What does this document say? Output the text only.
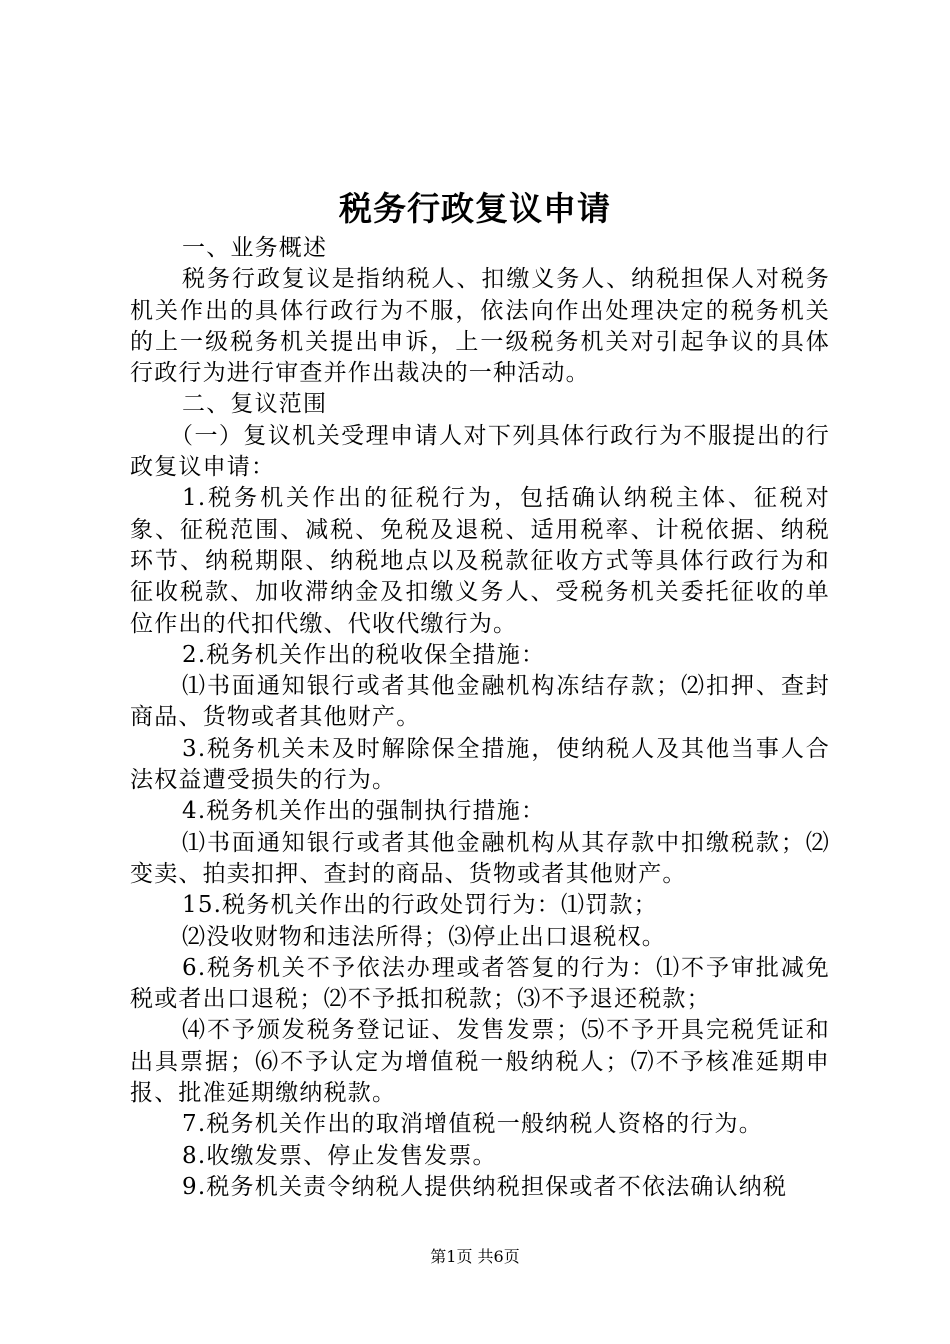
税务行政复议申请

一、业务概述

税务行政复议是指纳税人、扣缴义务人、纳税担保人对税务机关作出的具体行政行为不服，依法向作出处理决定的税务机关的上一级税务机关提出申诉，上一级税务机关对引起争议的具体行政行为进行审查并作出裁决的一种活动。

二、复议范围

（一）复议机关受理申请人对下列具体行政行为不服提出的行政复议申请：

1.税务机关作出的征税行为，包括确认纳税主体、征税对象、征税范围、减税、免税及退税、适用税率、计税依据、纳税环节、纳税期限、纳税地点以及税款征收方式等具体行政行为和征收税款、加收滞纳金及扣缴义务人、受税务机关委托征收的单位作出的代扣代缴、代收代缴行为。

2.税务机关作出的税收保全措施：

⑴书面通知银行或者其他金融机构冻结存款；⑵扣押、查封商品、货物或者其他财产。

3.税务机关未及时解除保全措施，使纳税人及其他当事人合法权益遭受损失的行为。

4.税务机关作出的强制执行措施：

⑴书面通知银行或者其他金融机构从其存款中扣缴税款；⑵变卖、拍卖扣押、查封的商品、货物或者其他财产。

15.税务机关作出的行政处罚行为：⑴罚款；

⑵没收财物和违法所得；⑶停止出口退税权。

6.税务机关不予依法办理或者答复的行为：⑴不予审批减免税或者出口退税；⑵不予抵扣税款；⑶不予退还税款；

⑷不予颁发税务登记证、发售发票；⑸不予开具完税凭证和出具票据；⑹不予认定为增值税一般纳税人；⑺不予核准延期申报、批准延期缴纳税款。

7.税务机关作出的取消增值税一般纳税人资格的行为。

8.收缴发票、停止发售发票。

9.税务机关责令纳税人提供纳税担保或者不依法确认纳税

第1页 共6页
